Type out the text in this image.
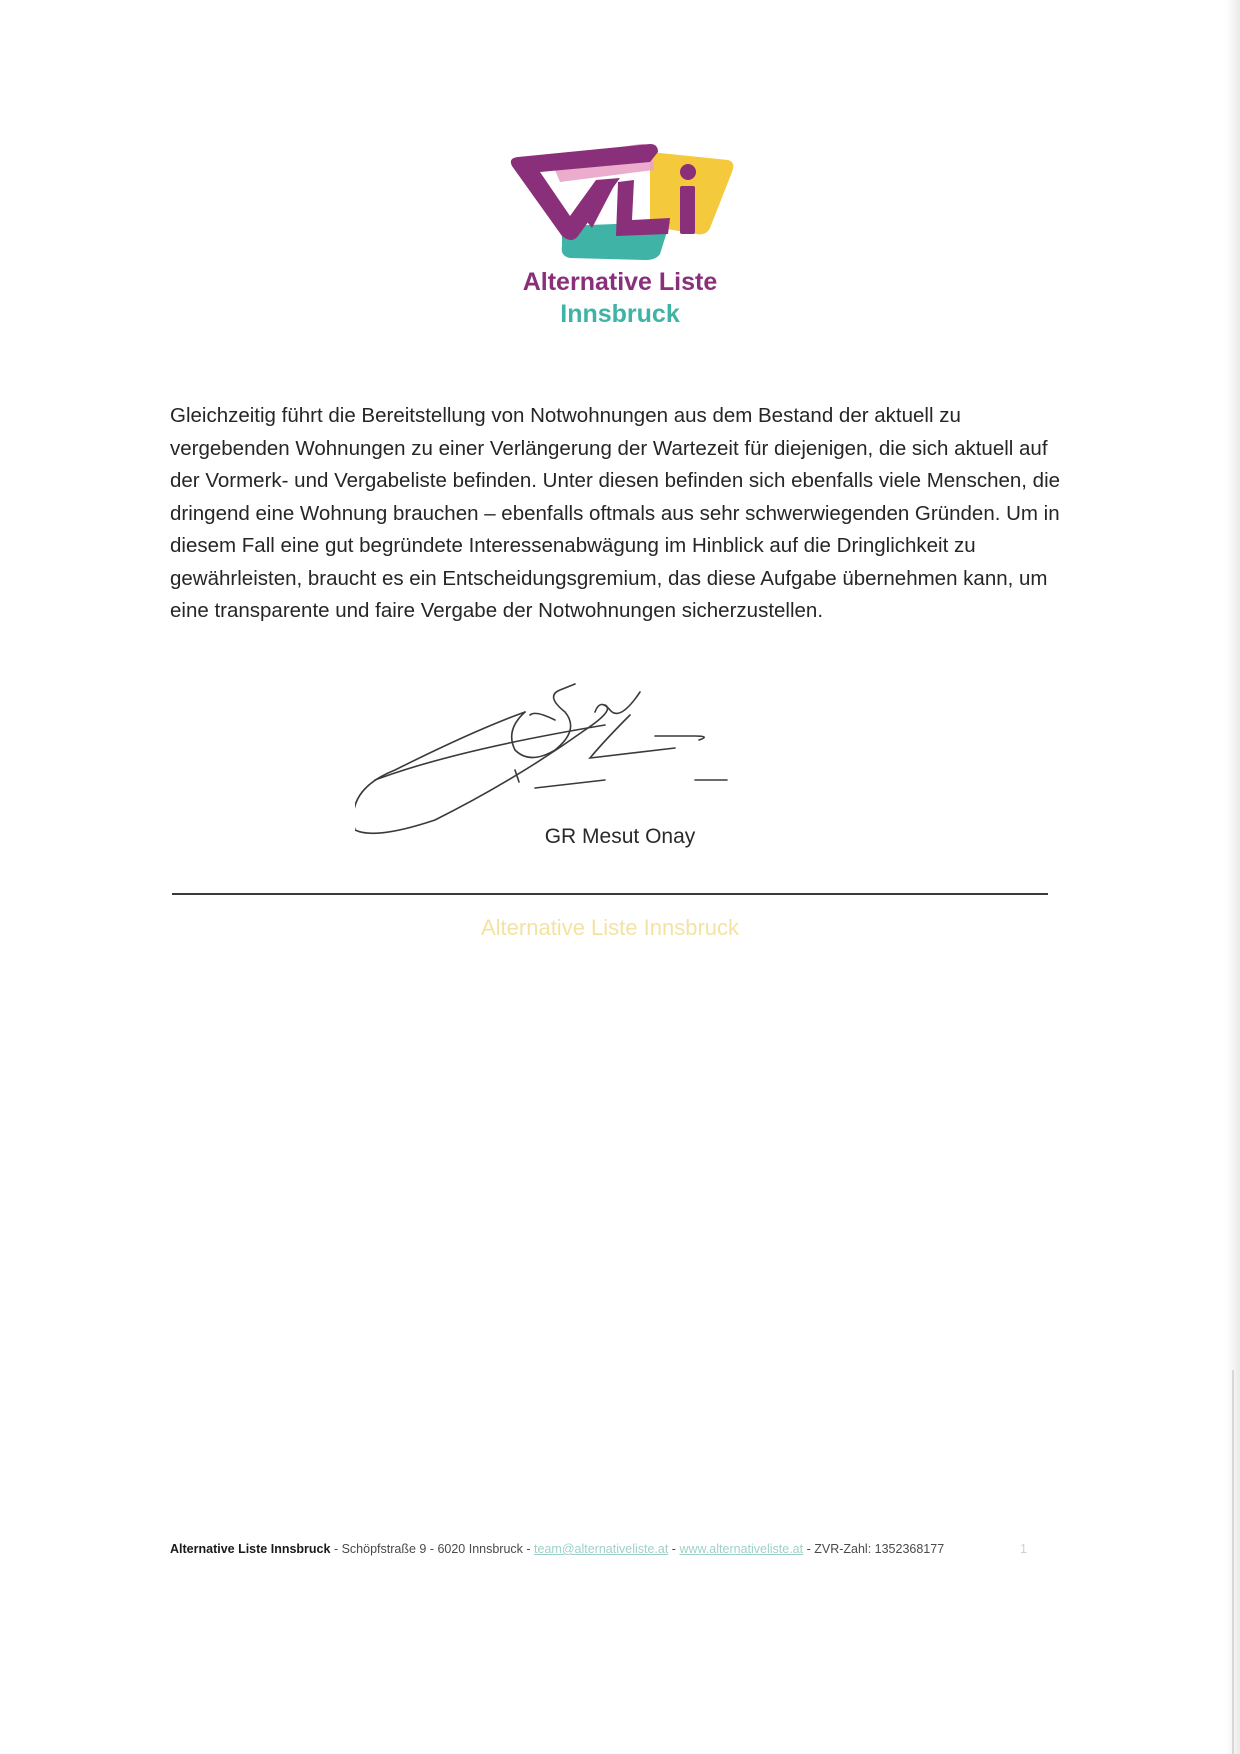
Alternative Liste
Innsbruck
Gleichzeitig führt die Bereitstellung von Notwohnungen aus dem Bestand der aktuell zu
vergebenden Wohnungen zu einer Verlängerung der Wartezeit für diejenigen, die sich aktuell auf
der Vormerk- und Vergabeliste befinden. Unter diesen befinden sich ebenfalls viele Menschen, die
dringend eine Wohnung brauchen – ebenfalls oftmals aus sehr schwerwiegenden Gründen. Um in
diesem Fall eine gut begründete Interessenabwägung im Hinblick auf die Dringlichkeit zu
gewährleisten, braucht es ein Entscheidungsgremium, das diese Aufgabe übernehmen kann, um
eine transparente und faire Vergabe der Notwohnungen sicherzustellen.
GR Mesut Onay
Alternative Liste Innsbruck
Alternative Liste Innsbruck - Schöpfstraße 9 - 6020 Innsbruck - team@alternativeliste.at - www.alternativeliste.at - ZVR-Zahl: 1352368177	1
